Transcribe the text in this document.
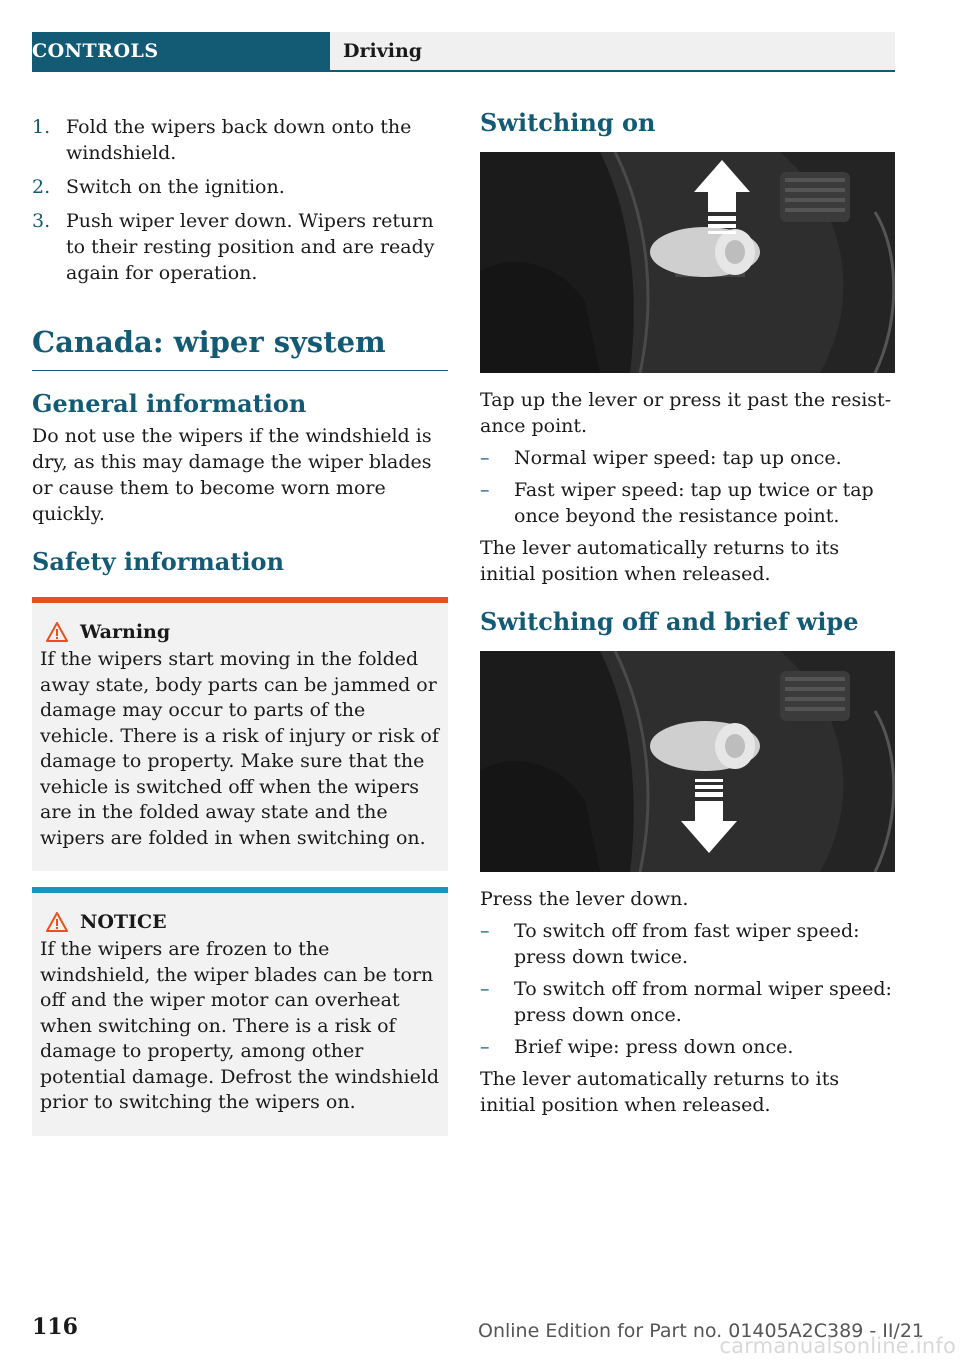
CONTROLS	Driving
1. Fold the wipers back down onto the windshield.
2. Switch on the ignition.
3. Push wiper lever down. Wipers return to their resting position and are ready again for operation.
Canada: wiper system
General information

Do not use the wipers if the windshield is dry, as this may damage the wiper blades or cause them to become worn more quickly.

Safety information
Warning
If the wipers start moving in the folded away state, body parts can be jammed or damage may occur to parts of the vehicle. There is a risk of injury or risk of damage to property. Make sure that the vehicle is switched off when the wipers are in the folded away state and the wipers are folded in when switching on.
NOTICE
If the wipers are frozen to the windshield, the wiper blades can be torn off and the wiper motor can overheat when switching on. There is a risk of damage to property, among other potential damage. Defrost the windshield prior to switching the wipers on.
Switching on

Tap up the lever or press it past the resist-ance point.

– Normal wiper speed: tap up once.
– Fast wiper speed: tap up twice or tap once beyond the resistance point.

The lever automatically returns to its initial position when released.

Switching off and brief wipe

Press the lever down.

– To switch off from fast wiper speed: press down twice.
– To switch off from normal wiper speed: press down once.
– Brief wipe: press down once.

The lever automatically returns to its initial position when released.

116	Online Edition for Part no. 01405A2C389 - II/21
carmanualsonline.info
